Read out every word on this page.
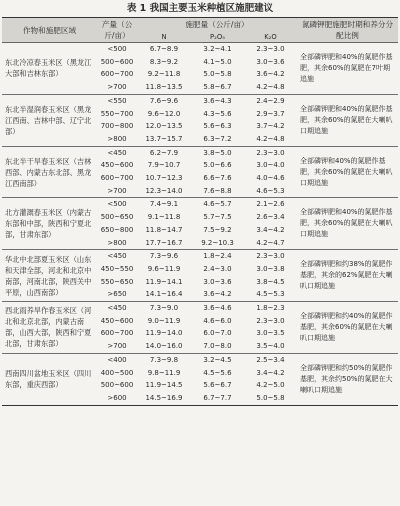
表 1 我国主要玉米种植区施肥建议
作物和施肥区域	产量（公斤/亩）	施肥量（公斤/亩）			氮磷钾肥施肥时期和养分分配比例
		N	P₂O₅	K₂O	
东北冷凉春玉米区（黑龙江大部和吉林东部）	<500	6.7~8.9	3.2~4.1	2.3~3.0	全部磷钾肥和40%的氮肥作基肥，其余60%的氮肥在7叶期追施
	500~600	8.3~9.2	4.1~5.0	3.0~3.6	
	600~700	9.2~11.8	5.0~5.8	3.6~4.2	
	>700	11.8~13.5	5.8~6.7	4.2~4.8	
东北半湿润春玉米区（黑龙江西南、吉林中部、辽宁北部）	<550	7.6~9.6	3.6~4.3	2.4~2.9	全部磷钾肥和40%的氮肥作基肥，其余60%的氮肥在大喇叭口期追施
	550~700	9.6~12.0	4.3~5.6	2.9~3.7	
	700~800	12.0~13.5	5.6~6.3	3.7~4.2	
	>800	13.7~15.7	6.3~7.2	4.2~4.8	
东北半干旱春玉米区（吉林西部、内蒙古东北部、黑龙江西南部）	<450	6.2~7.9	3.8~5.0	2.3~3.0	全部磷钾和40%的氮肥作基肥，其余60%的氮肥在大喇叭口期追施
	450~600	7.9~10.7	5.0~6.6	3.0~4.0	
	600~700	10.7~12.3	6.6~7.6	4.0~4.6	
	>700	12.3~14.0	7.6~8.8	4.6~5.3	
北方灌溉春玉米区（内蒙古东部和中部，陕西和宁夏北部，甘肃东部）	<500	7.4~9.1	4.6~5.7	2.1~2.6	全部磷钾肥和40%的氮肥作基肥，其余60%的氮肥在大喇叭口期追施
	500~650	9.1~11.8	5.7~7.5	2.6~3.4	
	650~800	11.8~14.7	7.5~9.2	3.4~4.2	
	>800	17.7~16.7	9.2~10.3	4.2~4.7	
华北中北部夏玉米区（山东和天津全部，河北和北京中南部，河南北部，陕西关中平原，山西南部）	<450	7.3~9.6	1.8~2.4	2.3~3.0	全部磷钾肥和约38%的氮肥作基肥，其余的62%氮肥在大喇叭口期追施
	450~550	9.6~11.9	2.4~3.0	3.0~3.8	
	550~650	11.9~14.1	3.0~3.6	3.8~4.5	
	>650	14.1~16.4	3.6~4.2	4.5~5.3	
西北雨养旱作春玉米区（河北和北京北部，内蒙古南部，山西大部，陕西和宁夏北部，甘肃东部）	<450	7.3~9.0	3.6~4.6	1.8~2.3	全部磷钾肥和约40%的氮肥作基肥，其余60%的氮肥在大喇叭口期追施
	450~600	9.0~11.9	4.6~6.0	2.3~3.0	
	600~700	11.9~14.0	6.0~7.0	3.0~3.5	
	>700	14.0~16.0	7.0~8.0	3.5~4.0	
西南四川盆地玉米区（四川东部，重庆西部）	<400	7.3~9.8	3.2~4.5	2.5~3.4	全部磷钾肥和约50%的氮肥作基肥，其余约50%的氮肥在大喇叭口期追施
	400~500	9.8~11.9	4.5~5.6	3.4~4.2	
	500~600	11.9~14.5	5.6~6.7	4.2~5.0	
	>600	14.5~16.9	6.7~7.7	5.0~5.8	
